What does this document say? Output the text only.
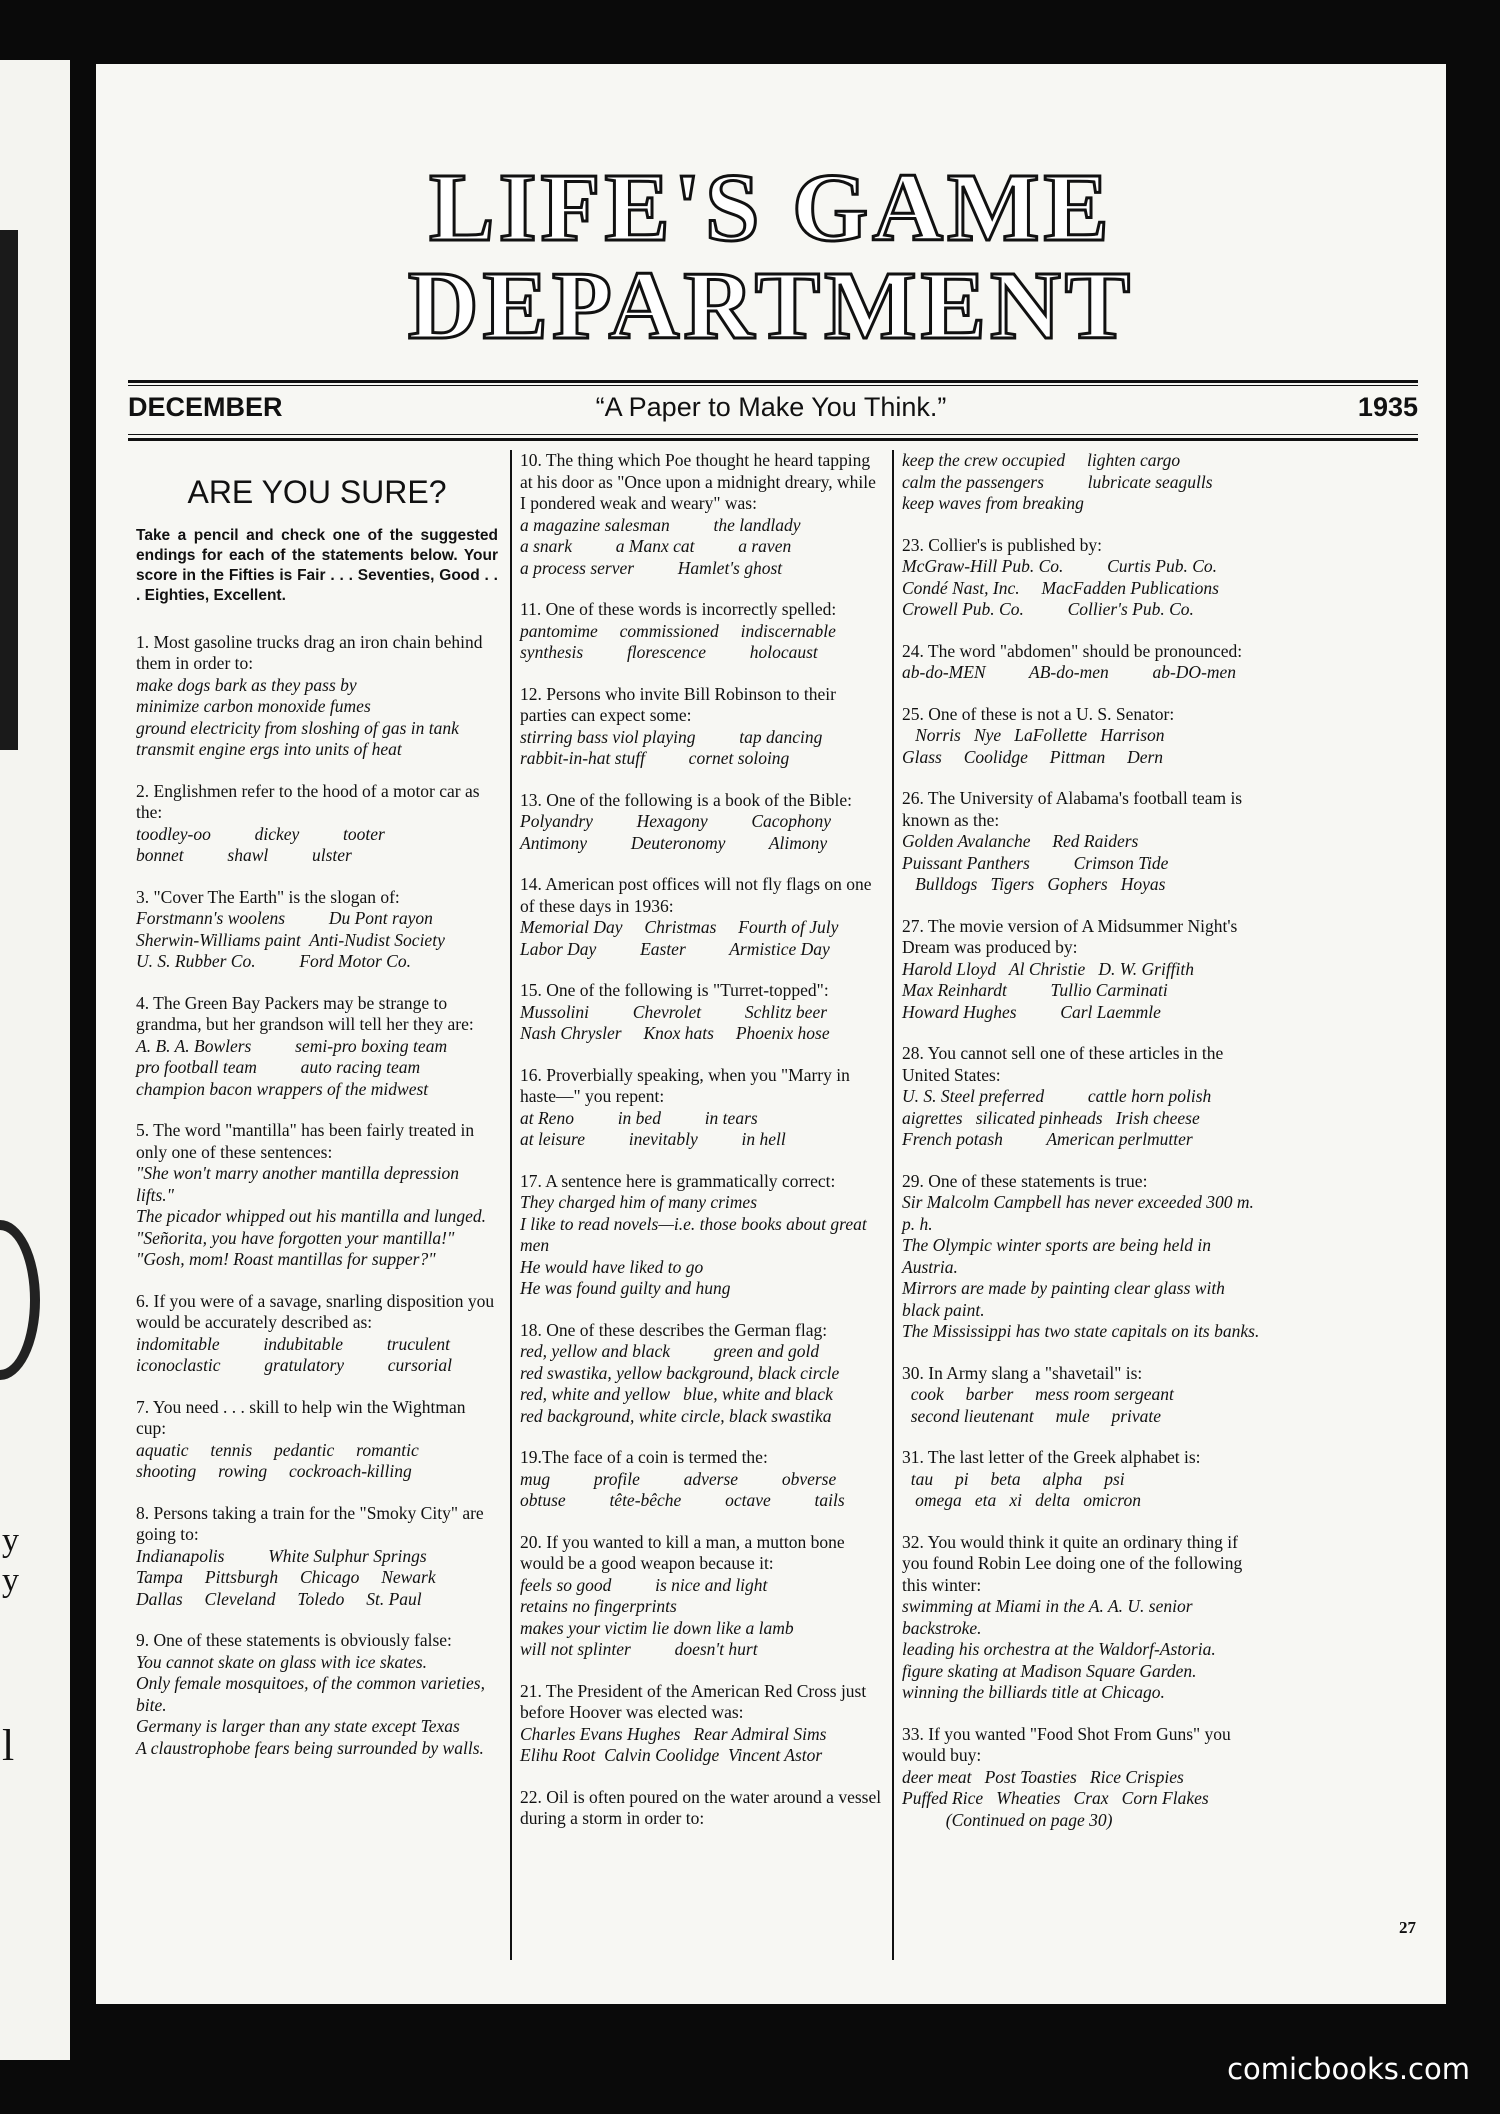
y
y
l
LIFE'S GAME
DEPARTMENT
DECEMBER	“A Paper to Make You Think.”	1935
ARE YOU SURE?
Take a pencil and check one of the suggested endings for each of the statements below. Your score in the Fifties is Fair . . . Seventies, Good . . . Eighties, Excellent.

1. Most gasoline trucks drag an iron chain behind them in order to:
make dogs bark as they pass by
minimize carbon monoxide fumes
ground electricity from sloshing of gas in tank
transmit engine ergs into units of heat

2. Englishmen refer to the hood of a motor car as the:
toodley-oo          dickey          tooter
bonnet          shawl          ulster

3. "Cover The Earth" is the slogan of:
Forstmann's woolens          Du Pont rayon
Sherwin-Williams paint  Anti-Nudist Society
U. S. Rubber Co.          Ford Motor Co.

4. The Green Bay Packers may be strange to grandma, but her grandson will tell her they are:
A. B. A. Bowlers          semi-pro boxing team
pro football team          auto racing team
champion bacon wrappers of the midwest

5. The word "mantilla" has been fairly treated in only one of these sentences:
"She won't marry another mantilla depression lifts."
The picador whipped out his mantilla and lunged.
"Señorita, you have forgotten your mantilla!"
"Gosh, mom! Roast mantillas for supper?"

6. If you were of a savage, snarling disposition you would be accurately described as:
indomitable          indubitable          truculent
iconoclastic          gratulatory          cursorial

7. You need . . . skill to help win the Wightman cup:
aquatic     tennis     pedantic     romantic
shooting     rowing     cockroach-killing

8. Persons taking a train for the "Smoky City" are going to:
Indianapolis          White Sulphur Springs
Tampa     Pittsburgh     Chicago     Newark
Dallas     Cleveland     Toledo     St. Paul

9. One of these statements is obviously false:
You cannot skate on glass with ice skates.
Only female mosquitoes, of the common varieties, bite.
Germany is larger than any state except Texas
A claustrophobe fears being surrounded by walls.

10. The thing which Poe thought he heard tapping at his door as "Once upon a midnight dreary, while I pondered weak and weary" was:
a magazine salesman          the landlady
a snark          a Manx cat          a raven
a process server          Hamlet's ghost

11. One of these words is incorrectly spelled:
pantomime     commissioned     indiscernable
synthesis          florescence          holocaust

12. Persons who invite Bill Robinson to their parties can expect some:
stirring bass viol playing          tap dancing
rabbit-in-hat stuff          cornet soloing

13. One of the following is a book of the Bible:
Polyandry          Hexagony          Cacophony
Antimony          Deuteronomy          Alimony

14. American post offices will not fly flags on one of these days in 1936:
Memorial Day     Christmas     Fourth of July
Labor Day          Easter          Armistice Day

15. One of the following is "Turret-topped":
Mussolini          Chevrolet          Schlitz beer
Nash Chrysler     Knox hats     Phoenix hose

16. Proverbially speaking, when you "Marry in haste—" you repent:
at Reno          in bed          in tears
at leisure          inevitably          in hell

17. A sentence here is grammatically correct:
They charged him of many crimes
I like to read novels—i.e. those books about great men
He would have liked to go
He was found guilty and hung

18. One of these describes the German flag:
red, yellow and black          green and gold
red swastika, yellow background, black circle
red, white and yellow   blue, white and black
red background, white circle, black swastika

19.The face of a coin is termed the:
mug          profile          adverse          obverse
obtuse          tête-bêche          octave          tails

20. If you wanted to kill a man, a mutton bone would be a good weapon because it:
feels so good          is nice and light
retains no fingerprints
makes your victim lie down like a lamb
will not splinter          doesn't hurt

21. The President of the American Red Cross just before Hoover was elected was:
Charles Evans Hughes   Rear Admiral Sims
Elihu Root  Calvin Coolidge  Vincent Astor

22. Oil is often poured on the water around a vessel during a storm in order to:

keep the crew occupied     lighten cargo
calm the passengers          lubricate seagulls
keep waves from breaking

23. Collier's is published by:
McGraw-Hill Pub. Co.          Curtis Pub. Co.
Condé Nast, Inc.     MacFadden Publications
Crowell Pub. Co.          Collier's Pub. Co.

24. The word "abdomen" should be pronounced:
ab-do-MEN          AB-do-men          ab-DO-men

25. One of these is not a U. S. Senator:
Norris   Nye   LaFollette   Harrison
Glass     Coolidge     Pittman     Dern

26. The University of Alabama's football team is known as the:
Golden Avalanche     Red Raiders
Puissant Panthers          Crimson Tide
Bulldogs   Tigers   Gophers   Hoyas

27. The movie version of A Midsummer Night's Dream was produced by:
Harold Lloyd   Al Christie   D. W. Griffith
Max Reinhardt          Tullio Carminati
Howard Hughes          Carl Laemmle

28. You cannot sell one of these articles in the United States:
U. S. Steel preferred          cattle horn polish
aigrettes   silicated pinheads   Irish cheese
French potash          American perlmutter

29. One of these statements is true:
Sir Malcolm Campbell has never exceeded 300 m. p. h.
The Olympic winter sports are being held in Austria.
Mirrors are made by painting clear glass with black paint.
The Mississippi has two state capitals on its banks.

30. In Army slang a "shavetail" is:
cook     barber     mess room sergeant
second lieutenant     mule     private

31. The last letter of the Greek alphabet is:
tau     pi     beta     alpha     psi
omega   eta   xi   delta   omicron

32. You would think it quite an ordinary thing if you found Robin Lee doing one of the following this winter:
swimming at Miami in the A. A. U. senior backstroke.
leading his orchestra at the Waldorf-Astoria.
figure skating at Madison Square Garden.
winning the billiards title at Chicago.

33. If you wanted "Food Shot From Guns" you would buy:
deer meat   Post Toasties   Rice Crispies
Puffed Rice   Wheaties   Crax   Corn Flakes
(Continued on page 30)

27
comicbooks.com
